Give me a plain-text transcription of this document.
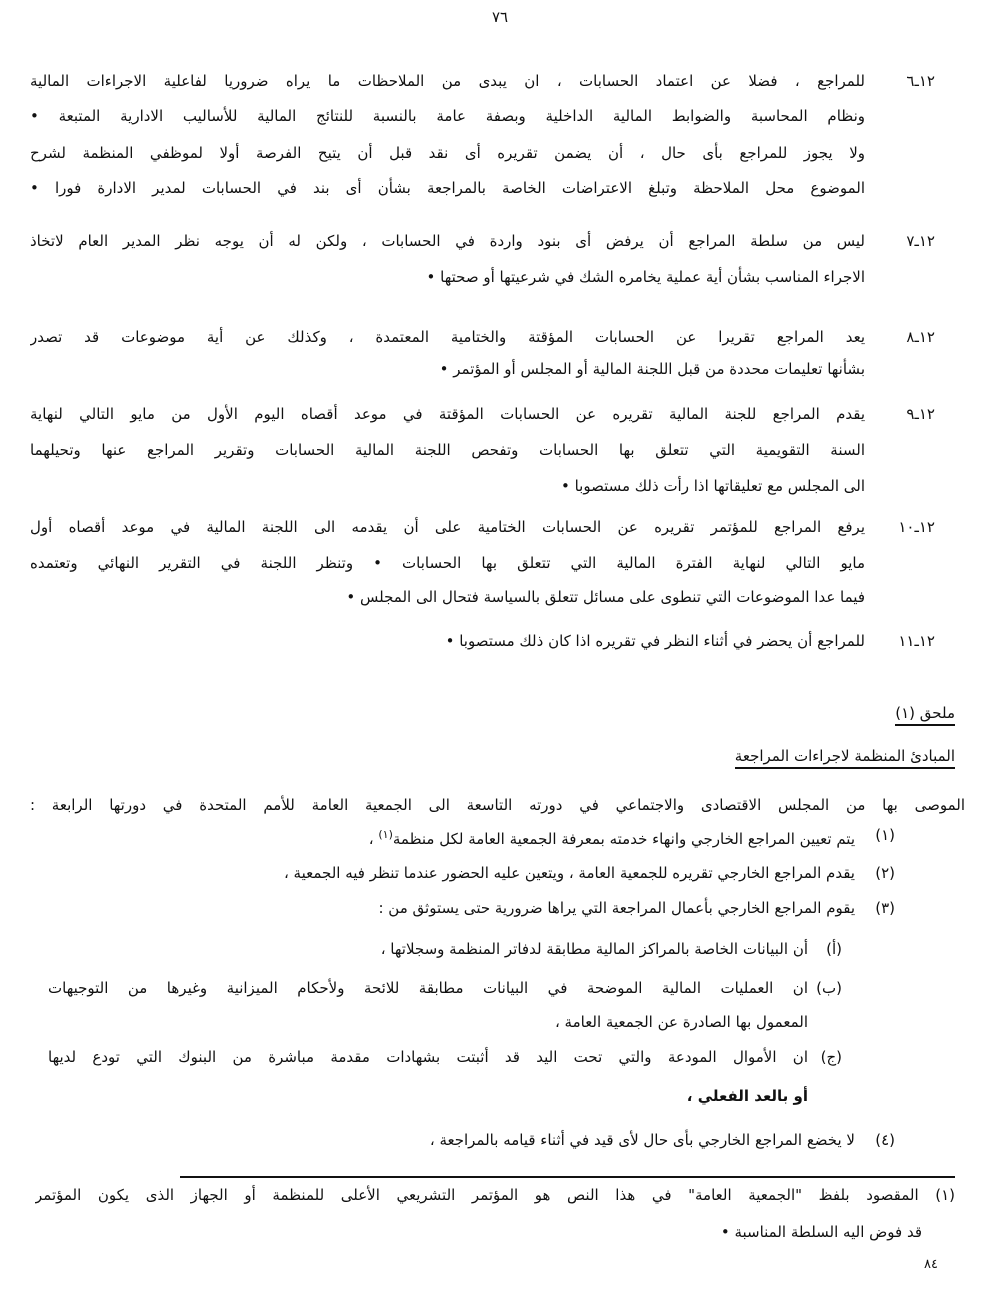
٧٦
١٢ـ٦
للمراجع ، فضلا عن اعتماد الحسابات ، ان يبدى من الملاحظات ما يراه ضروريا لفاعلية الاجراءات المالية
ونظام المحاسبة والضوابط المالية الداخلية وبصفة عامة بالنسبة للنتائج المالية للأساليب الادارية المتبعة •
ولا يجوز للمراجع بأى حال ، أن يضمن تقريره أى نقد قبل أن يتيح الفرصة أولا لموظفي المنظمة لشرح
الموضوع محل الملاحظة وتبلغ الاعتراضات الخاصة بالمراجعة بشأن أى بند في الحسابات لمدير الادارة فورا •
١٢ـ٧
ليس من سلطة المراجع أن يرفض أى بنود واردة في الحسابات ، ولكن له أن يوجه نظر المدير العام لاتخاذ
الاجراء المناسب بشأن أية عملية يخامره الشك في شرعيتها أو صحتها •
١٢ـ٨
يعد المراجع تقريرا عن الحسابات المؤقتة والختامية المعتمدة ، وكذلك عن أية موضوعات قد تصدر
بشأنها تعليمات محددة من قبل اللجنة المالية أو المجلس أو المؤتمر •
١٢ـ٩
يقدم المراجع للجنة المالية تقريره عن الحسابات المؤقتة في موعد أقصاه اليوم الأول من مايو التالي لنهاية
السنة التقويمية التي تتعلق بها الحسابات وتفحص اللجنة المالية الحسابات وتقرير المراجع عنها وتحيلهما
الى المجلس مع تعليقاتها اذا رأت ذلك مستصوبا •
١٢ـ١٠
يرفع المراجع للمؤتمر تقريره عن الحسابات الختامية على أن يقدمه الى اللجنة المالية في موعد أقصاه أول
مايو التالي لنهاية الفترة المالية التي تتعلق بها الحسابات • وتنظر اللجنة في التقرير النهائي وتعتمده
فيما عدا الموضوعات التي تنطوى على مسائل تتعلق بالسياسة فتحال الى المجلس •
١٢ـ١١
للمراجع أن يحضر في أثناء النظر في تقريره اذا كان ذلك مستصوبا •
ملحق (١)
المبادئ المنظمة لاجراءات المراجعة
الموصى بها من المجلس الاقتصادى والاجتماعي في دورته التاسعة الى الجمعية العامة للأمم المتحدة في دورتها الرابعة :
(١)
يتم تعيين المراجع الخارجي وانهاء خدمته بمعرفة الجمعية العامة لكل منظمة$^{(١)}$ ،
(٢)
يقدم المراجع الخارجي تقريره للجمعية العامة ، ويتعين عليه الحضور عندما تنظر فيه الجمعية ،
(٣)
يقوم المراجع الخارجي بأعمال المراجعة التي يراها ضرورية حتى يستوثق من :
(أ)
أن البيانات الخاصة بالمراكز المالية مطابقة لدفاتر المنظمة وسجلاتها ،
(ب)
ان العمليات المالية الموضحة في البيانات مطابقة للائحة ولأحكام الميزانية وغيرها من التوجيهات
المعمول بها الصادرة عن الجمعية العامة ،
(ج)
ان الأموال المودعة والتي تحت اليد قد أثبتت بشهادات مقدمة مباشرة من البنوك التي تودع لديها
أو بالعد الفعلي ،
(٤)
لا يخضع المراجع الخارجي بأى حال لأى قيد في أثناء قيامه بالمراجعة ،
(١) المقصود بلفظ "الجمعية العامة" في هذا النص هو المؤتمر التشريعي الأعلى للمنظمة أو الجهاز الذى يكون المؤتمر
قد فوض اليه السلطة المناسبة •
٨٤
